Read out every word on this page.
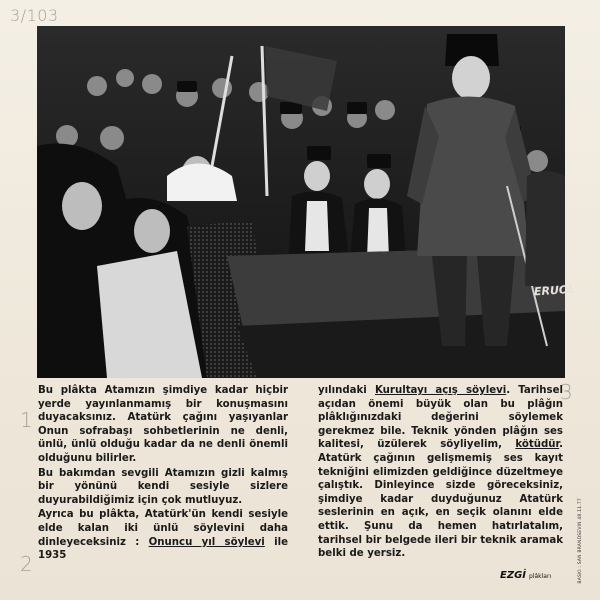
3/103
1
2
3
ERUOL

Bu plâkta Atamızın şimdiye kadar hiçbir yerde yayınlanmamış bir konuşmasını duyacaksınız. Atatürk çağını yaşıyanlar Onun sofrabaşı sohbetlerinin ne denli, ünlü, ünlü olduğu kadar da ne denli önemli olduğunu bilirler.

Bu bakımdan sevgili Atamızın gizli kalmış bir yönünü kendi sesiyle sizlere duyurabildiğimiz için çok mutluyuz.

Ayrıca bu plâkta, Atatürk'ün kendi sesiyle elde kalan iki ünlü söylevini daha dinleyeceksiniz : Onuncu yıl söylevi ile 1935

yılındaki Kurultayı açış söylevi. Tarihsel açıdan önemi büyük olan bu plâğın plâklığınızdaki değerini söylemek gerekmez bile. Teknik yönden plâğın ses kalitesi, üzülerek söyliyelim, kötüdür. Atatürk çağının gelişmemiş ses kayıt tekniğini elimizden geldiğince düzeltmeye çalıştık. Dinleyince sizde göreceksiniz, şimdiye kadar duyduğunuz Atatürk seslerinin en açık, en seçik olanını elde ettik. Şunu da hemen hatırlatalım, tarihsel bir belgede ileri bir teknik aramak belki de yersiz.	BASKI : SAN BRANDSEVIN 48.11.77
EZGİ plâkları
